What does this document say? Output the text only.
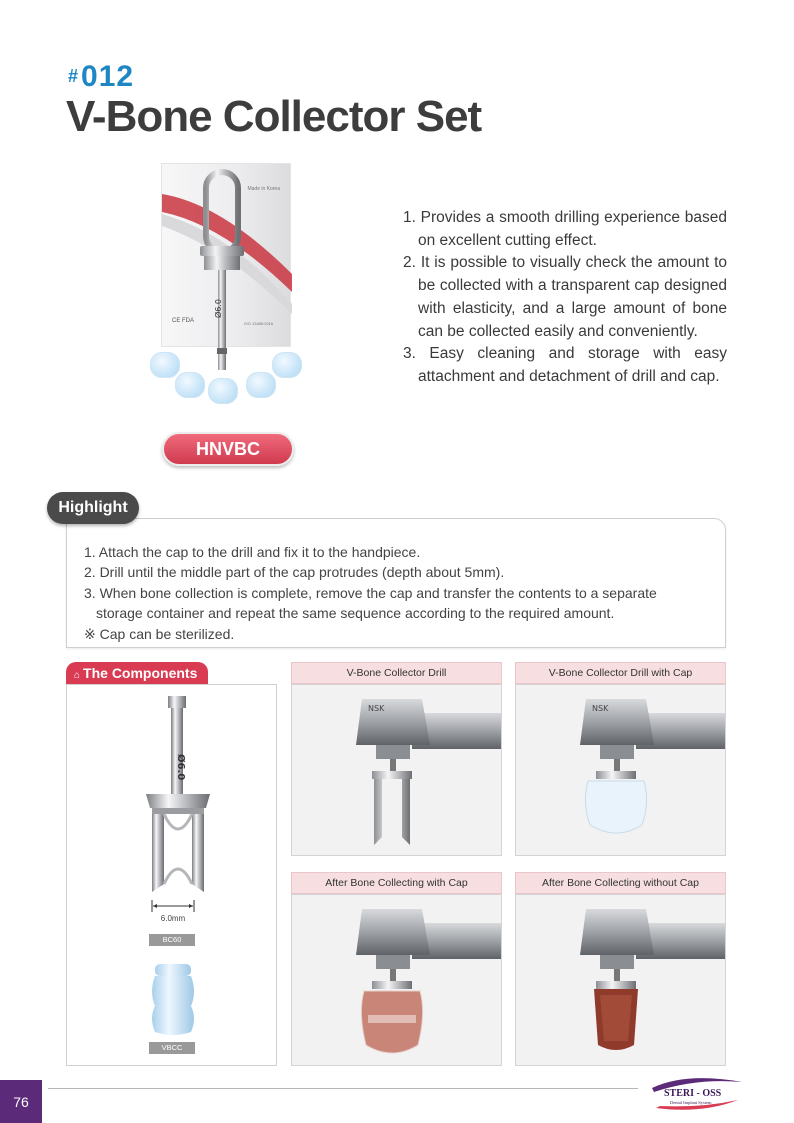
#012
V-Bone Collector Set
Made in Korea
CE FDA	ISO 13485:2016
Ø6.0
HNVBC
1. Provides a smooth drilling experience based on excellent cutting effect.
2. It is possible to visually check the amount to be collected with a transparent cap designed with elasticity, and a large amount of bone can be collected easily and conveniently.
3. Easy cleaning and storage with easy attachment and detachment of drill and cap.
Highlight
1. Attach the cap to the drill and fix it to the handpiece.
2. Drill until the middle part of the cap protrudes (depth about 5mm).
3. When bone collection is complete, remove the cap and transfer the contents to a separate
storage container and repeat the same sequence according to the required amount.
※ Cap can be sterilized.
⌂ The Components
Ø6.0
6.0mm
BC60
VBCC
V-Bone Collector Drill
NSK
V-Bone Collector Drill with Cap
NSK
After Bone Collecting with Cap	After Bone Collecting without Cap
76
STERI - OSS
Dental Implant System
